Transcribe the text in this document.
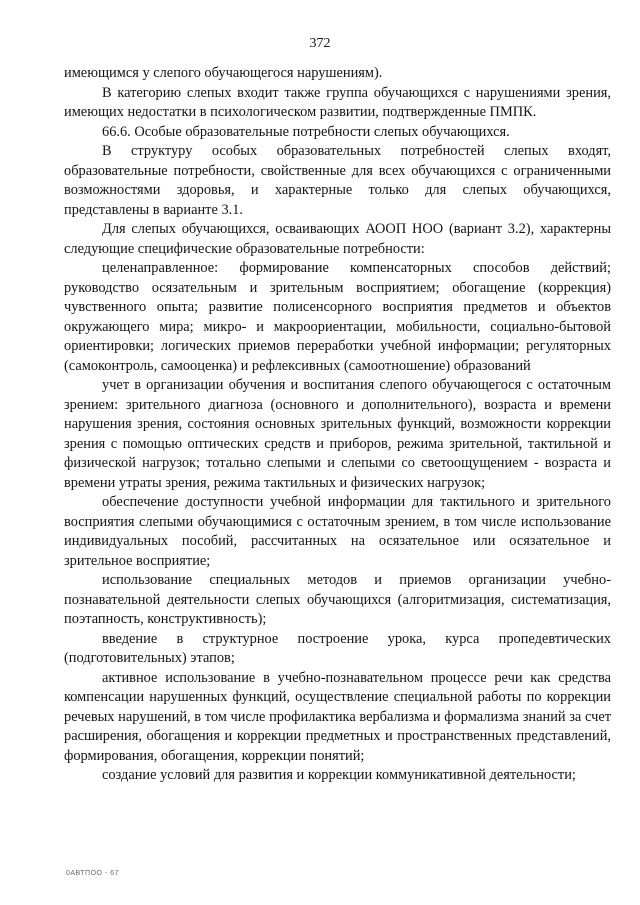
372

имеющимся у слепого обучающегося нарушениям).

В категорию слепых входит также группа обучающихся с нарушениями зрения, имеющих недостатки в психологическом развитии, подтвержденные ПМПК.

66.6. Особые образовательные потребности слепых обучающихся.

В структуру особых образовательных потребностей слепых входят, образовательные потребности, свойственные для всех обучающихся с ограниченными возможностями здоровья, и характерные только для слепых обучающихся, представлены в варианте 3.1.

Для слепых обучающихся, осваивающих АООП НОО (вариант 3.2), характерны следующие специфические образовательные потребности:

целенаправленное: формирование компенсаторных способов действий; руководство осязательным и зрительным восприятием; обогащение (коррекция) чувственного опыта; развитие полисенсорного восприятия предметов и объектов окружающего мира; микро- и макроориентации, мобильности, социально-бытовой ориентировки; логических приемов переработки учебной информации; регуляторных (самоконтроль, самооценка) и рефлексивных (самоотношение) образований

учет в организации обучения и воспитания слепого обучающегося с остаточным зрением: зрительного диагноза (основного и дополнительного), возраста и времени нарушения зрения, состояния основных зрительных функций, возможности коррекции зрения с помощью оптических средств и приборов, режима зрительной, тактильной и физической нагрузок; тотально слепыми и слепыми со светоощущением - возраста и времени утраты зрения, режима тактильных и физических нагрузок;

обеспечение доступности учебной информации для тактильного и зрительного восприятия слепыми обучающимися с остаточным зрением, в том числе использование индивидуальных пособий, рассчитанных на осязательное или осязательное и зрительное восприятие;

использование специальных методов и приемов организации учебно-познавательной деятельности слепых обучающихся (алгоритмизация, систематизация, поэтапность, конструктивность);

введение в структурное построение урока, курса пропедевтических (подготовительных) этапов;

активное использование в учебно-познавательном процессе речи как средства компенсации нарушенных функций, осуществление специальной работы по коррекции речевых нарушений, в том числе профилактика вербализма и формализма знаний за счет расширения, обогащения и коррекции предметных и пространственных представлений, формирования, обогащения, коррекции понятий;

создание условий для развития и коррекции коммуникативной деятельности;

0АВТПОО - 67
